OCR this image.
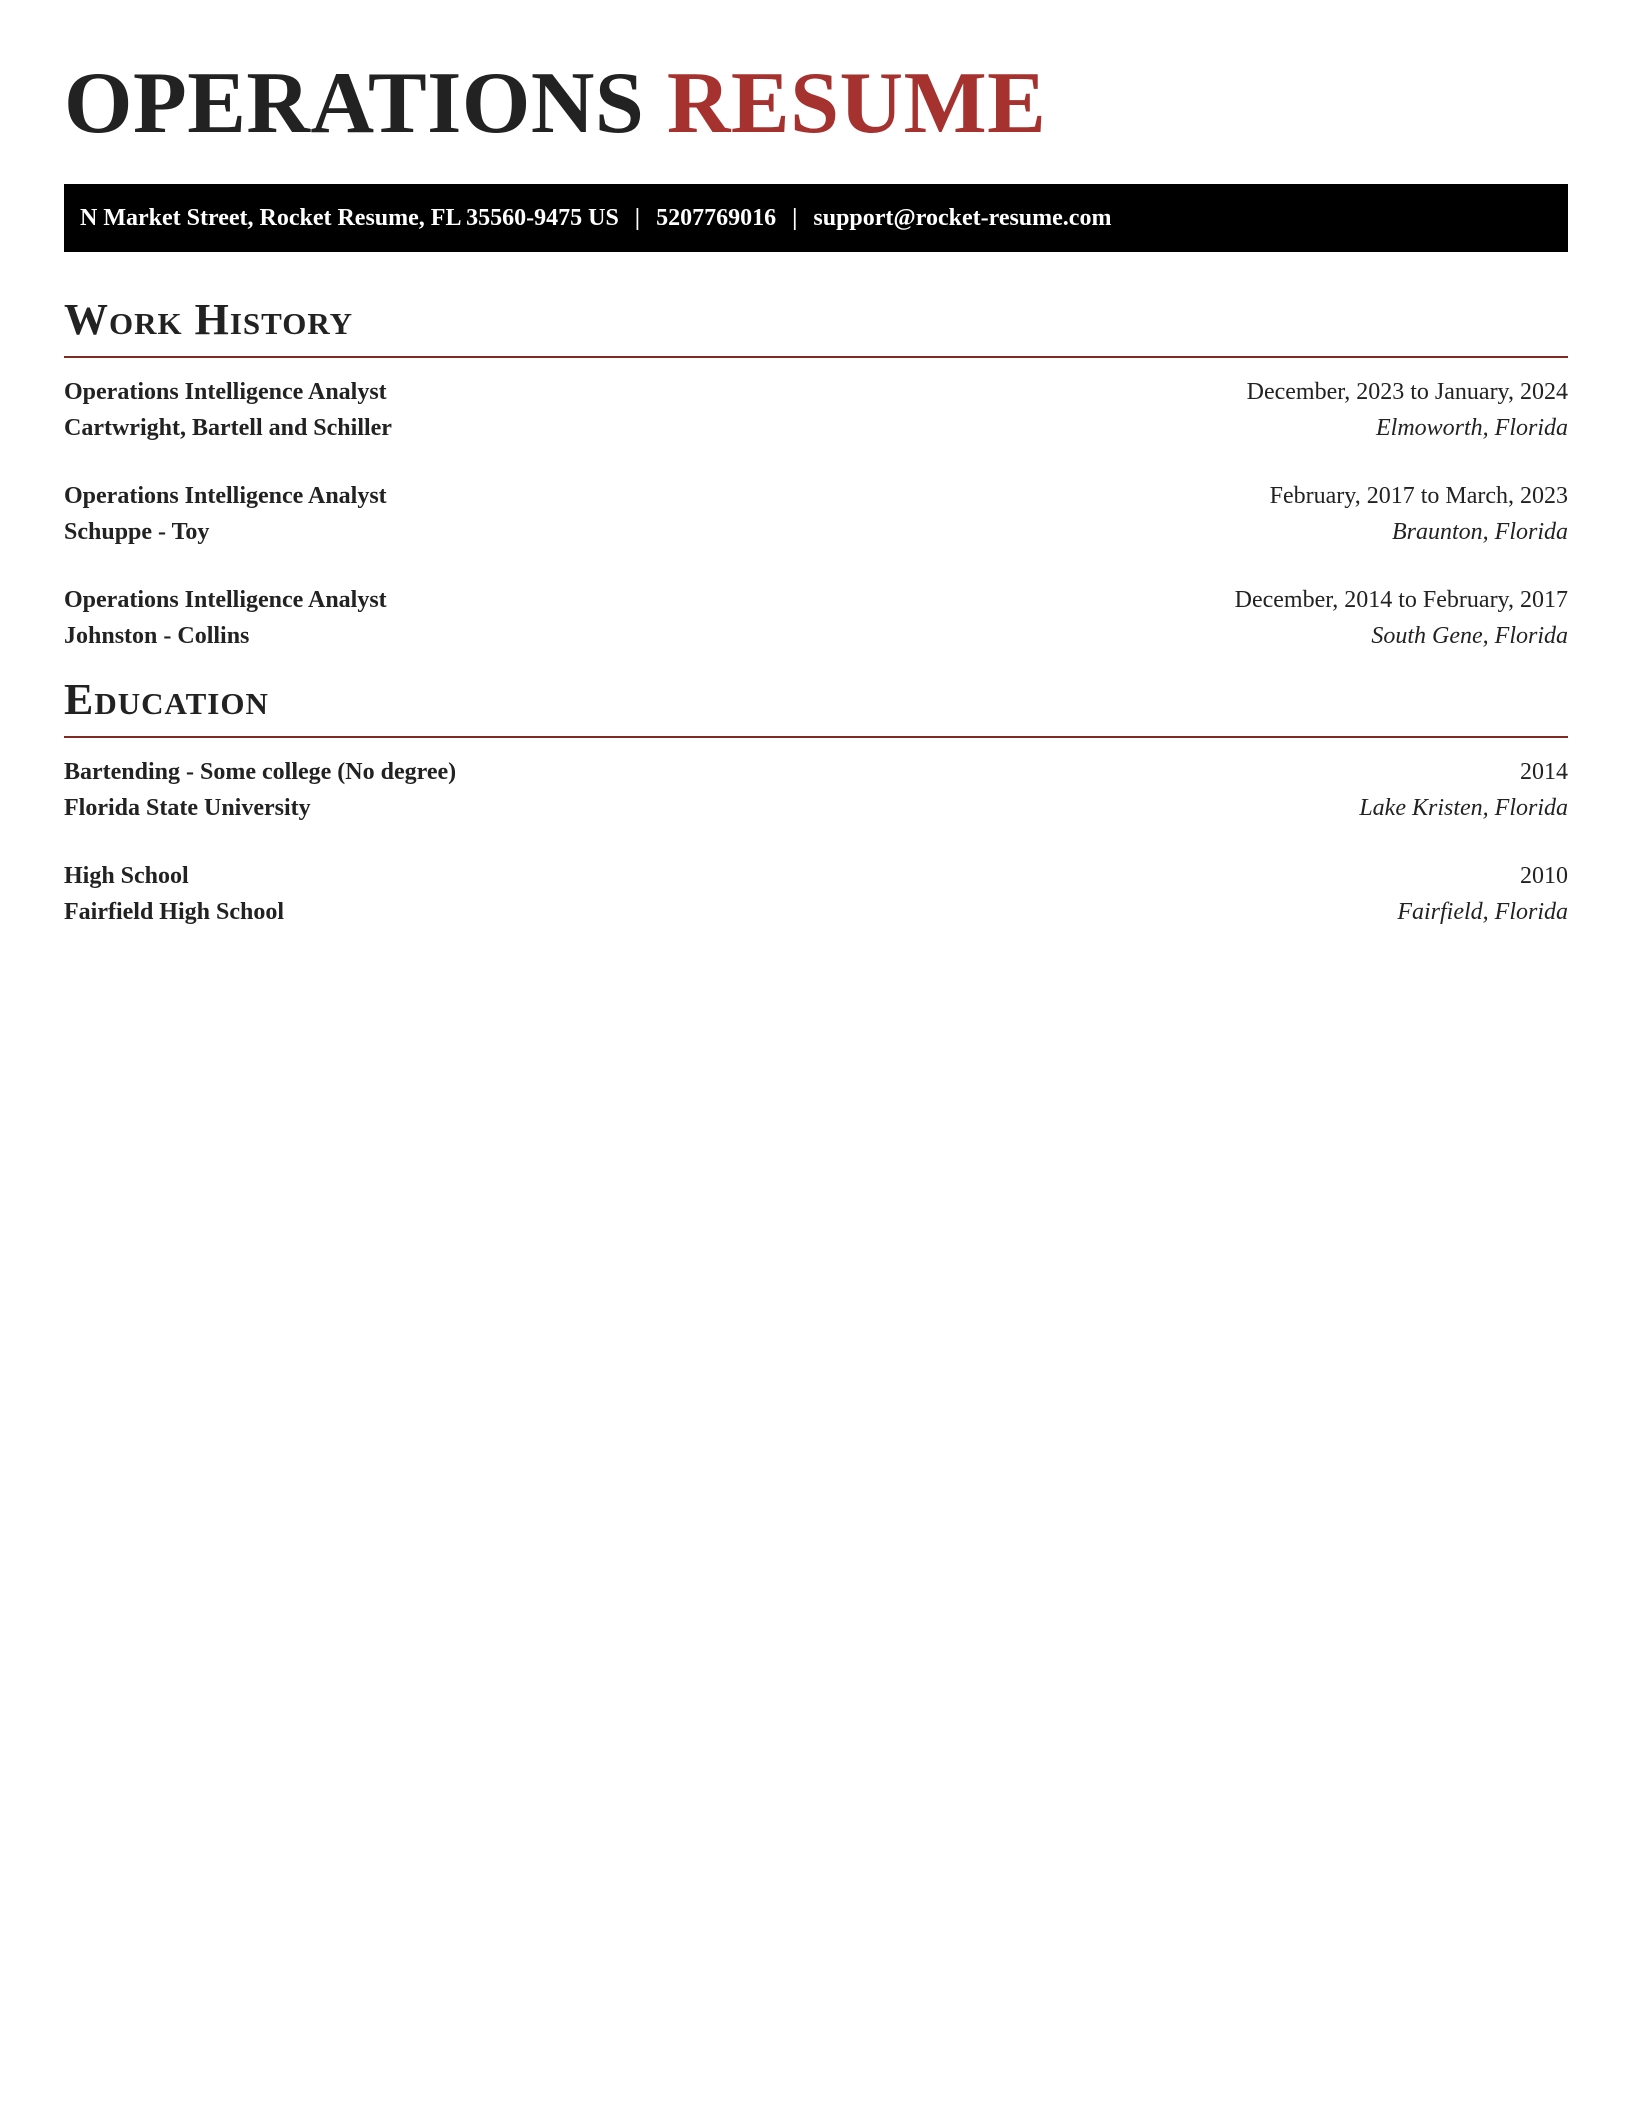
OPERATIONS RESUME
N Market Street, Rocket Resume, FL 35560-9475 US | 5207769016 | support@rocket-resume.com
Work History
Operations Intelligence Analyst	December, 2023 to January, 2024
Cartwright, Bartell and Schiller	Elmoworth, Florida
Operations Intelligence Analyst	February, 2017 to March, 2023
Schuppe - Toy	Braunton, Florida
Operations Intelligence Analyst	December, 2014 to February, 2017
Johnston - Collins	South Gene, Florida
Education
Bartending - Some college (No degree)	2014
Florida State University	Lake Kristen, Florida
High School	2010
Fairfield High School	Fairfield, Florida
